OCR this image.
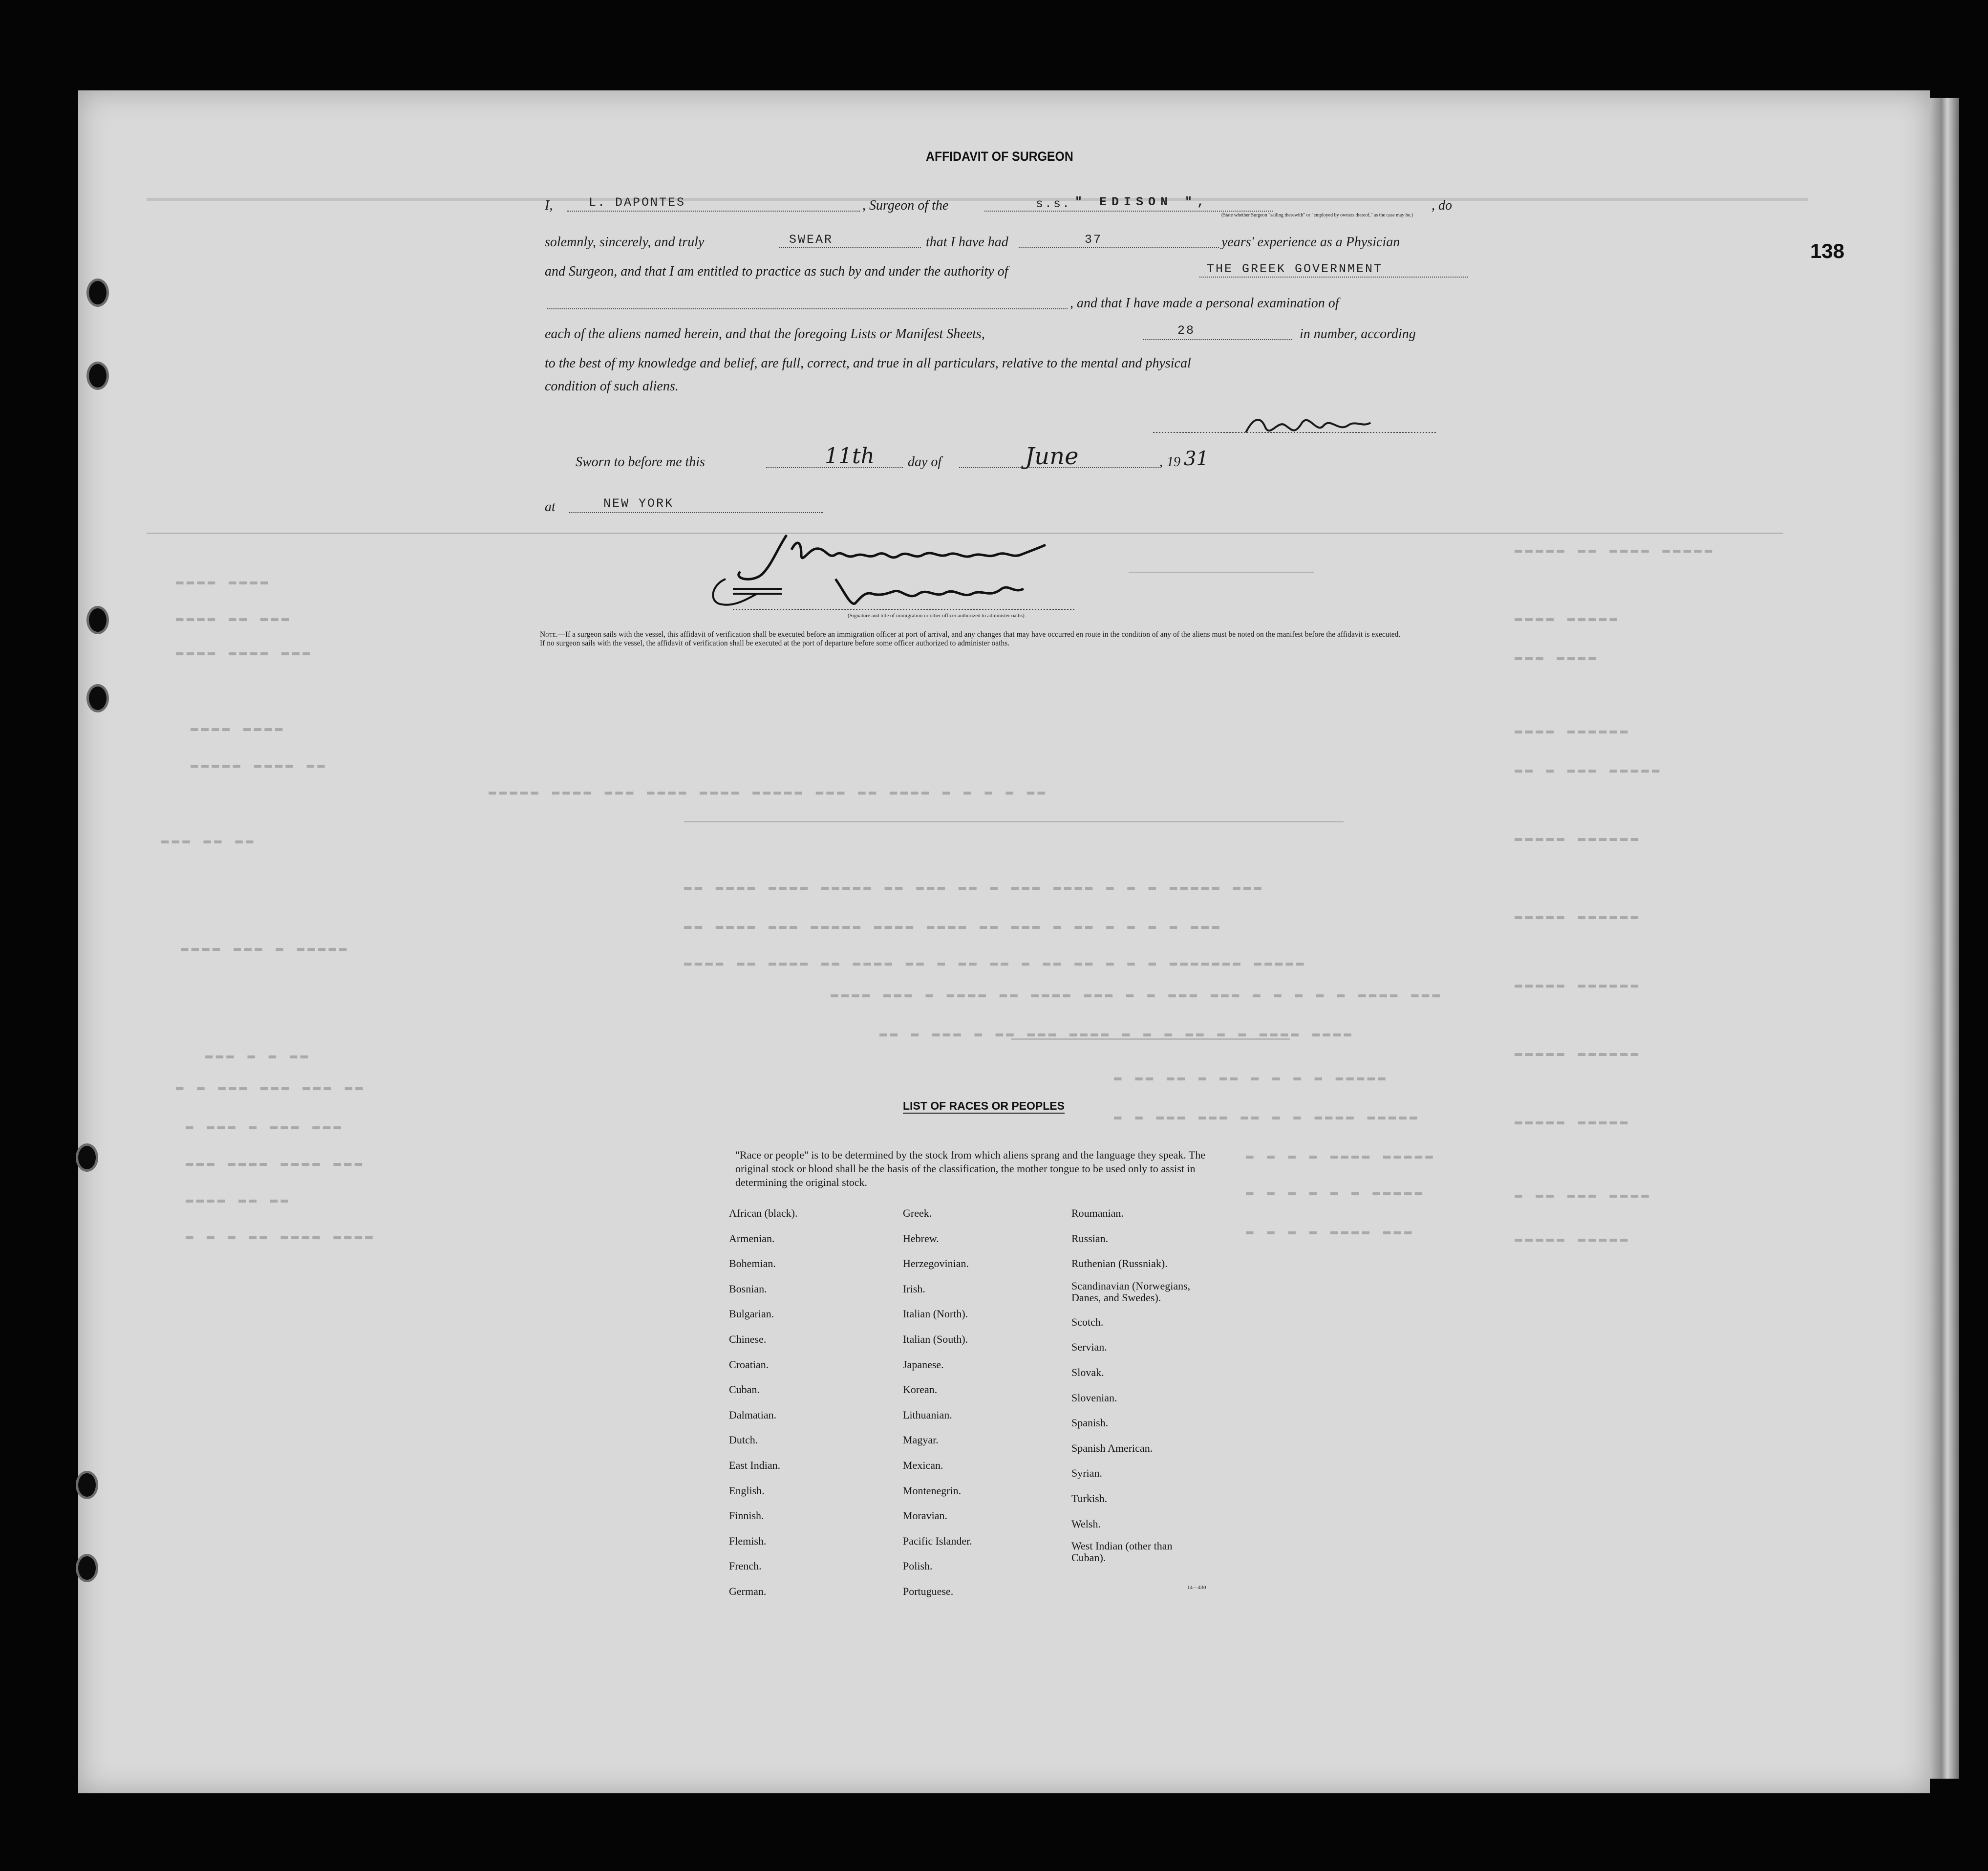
▬▬▬▬ ▬▬▬▬
▬▬▬▬ ▬▬ ▬▬▬
▬▬▬▬ ▬▬▬▬ ▬▬▬
▬▬▬▬ ▬▬▬▬
▬▬▬▬▬ ▬▬▬▬ ▬▬
▬▬▬ ▬▬ ▬▬
▬▬▬▬ ▬▬▬ ▬ ▬▬▬▬▬
▬▬▬ ▬ ▬ ▬▬
▬ ▬ ▬▬▬ ▬▬▬ ▬▬▬ ▬▬
▬ ▬▬▬ ▬ ▬▬▬ ▬▬▬
▬▬▬ ▬▬▬▬ ▬▬▬▬ ▬▬▬
▬▬▬▬ ▬▬ ▬▬
▬ ▬ ▬ ▬▬ ▬▬▬▬ ▬▬▬▬
▬▬▬▬▬ ▬▬▬▬ ▬▬▬ ▬▬▬▬ ▬▬▬▬ ▬▬▬▬▬ ▬▬▬ ▬▬ ▬▬▬▬ ▬ ▬ ▬ ▬ ▬▬
▬▬ ▬▬▬▬ ▬▬▬▬ ▬▬▬▬▬ ▬▬ ▬▬▬ ▬▬ ▬ ▬▬▬ ▬▬▬▬ ▬ ▬ ▬ ▬▬▬▬▬ ▬▬▬
▬▬ ▬▬▬▬ ▬▬▬ ▬▬▬▬▬ ▬▬▬▬ ▬▬▬▬ ▬▬ ▬▬▬ ▬ ▬▬ ▬ ▬ ▬ ▬ ▬▬▬
▬▬▬▬ ▬▬ ▬▬▬▬ ▬▬ ▬▬▬▬ ▬▬ ▬ ▬▬ ▬▬ ▬ ▬▬ ▬▬ ▬ ▬ ▬ ▬▬▬▬▬▬▬ ▬▬▬▬▬
▬▬▬▬ ▬▬▬ ▬ ▬▬▬▬ ▬▬ ▬▬▬▬ ▬▬▬ ▬ ▬ ▬▬▬ ▬▬▬ ▬ ▬ ▬ ▬ ▬ ▬▬▬▬ ▬▬▬
▬▬ ▬ ▬▬▬ ▬ ▬▬ ▬▬▬ ▬▬▬▬ ▬ ▬ ▬ ▬▬ ▬ ▬ ▬▬▬▬ ▬▬▬▬
▬ ▬▬ ▬▬ ▬ ▬▬ ▬ ▬ ▬ ▬ ▬▬▬▬▬
▬ ▬ ▬▬▬ ▬▬▬ ▬▬ ▬ ▬ ▬▬▬▬ ▬▬▬▬▬
▬ ▬ ▬ ▬ ▬▬▬▬ ▬▬▬▬▬
▬ ▬ ▬ ▬ ▬ ▬ ▬▬▬▬▬
▬ ▬ ▬ ▬ ▬▬▬▬ ▬▬▬
▬▬▬▬▬ ▬▬ ▬▬▬▬ ▬▬▬▬▬
▬▬▬▬ ▬▬▬▬▬
▬▬▬ ▬▬▬▬
▬▬▬▬ ▬▬▬▬▬▬
▬▬ ▬ ▬▬▬ ▬▬▬▬▬
▬▬▬▬▬ ▬▬▬▬▬▬
▬▬▬▬▬ ▬▬▬▬▬▬
▬▬▬▬▬ ▬▬▬▬▬▬
▬▬▬▬▬ ▬▬▬▬▬▬
▬▬▬▬▬ ▬▬▬▬▬
▬ ▬▬ ▬▬▬ ▬▬▬▬
▬▬▬▬▬ ▬▬▬▬▬
138
AFFIDAVIT OF SURGEON
I,	L. DAPONTES	, Surgeon of the	s.s. " EDISON ",
(State whether Surgeon "sailing therewith" or "employed by owners thereof," as the case may be.)
, do
solemnly, sincerely, and truly	SWEAR	that I have had	37	years' experience as a Physician
and Surgeon, and that I am entitled to practice as such by and under the authority of	THE GREEK GOVERNMENT
, and that I have made a personal examination of
each of the aliens named herein, and that the foregoing Lists or Manifest Sheets,	28	in number, according
to the best of my knowledge and belief, are full, correct, and true in all particulars, relative to the mental and physical
condition of such aliens.
Sworn to before me this	11th day of	June	, 19 31
at	NEW YORK
(Signature and title of immigration or other officer authorized to administer oaths)
Note.—If a surgeon sails with the vessel, this affidavit of verification shall be executed before an immigration officer at port of arrival, and any changes that may have occurred en route in the condition of any of the aliens must be noted on the manifest before the affidavit is executed.
If no surgeon sails with the vessel, the affidavit of verification shall be executed at the port of departure before some officer authorized to administer oaths.
LIST OF RACES OR PEOPLES
"Race or people" is to be determined by the stock from which aliens sprang and the language they speak. The original stock or blood shall be the basis of the classification, the mother tongue to be used only to assist in determining the original stock.
African (black).
Armenian.
Bohemian.
Bosnian.
Bulgarian.
Chinese.
Croatian.
Cuban.
Dalmatian.
Dutch.
East Indian.
English.
Finnish.
Flemish.
French.
German.
Greek.
Hebrew.
Herzegovinian.
Irish.
Italian (North).
Italian (South).
Japanese.
Korean.
Lithuanian.
Magyar.
Mexican.
Montenegrin.
Moravian.
Pacific Islander.
Polish.
Portuguese.
Roumanian.
Russian.
Ruthenian (Russniak).
Scandinavian (Norwegians,
Danes, and Swedes).
Scotch.
Servian.
Slovak.
Slovenian.
Spanish.
Spanish American.
Syrian.
Turkish.
Welsh.
West Indian (other than
Cuban).
14—430
